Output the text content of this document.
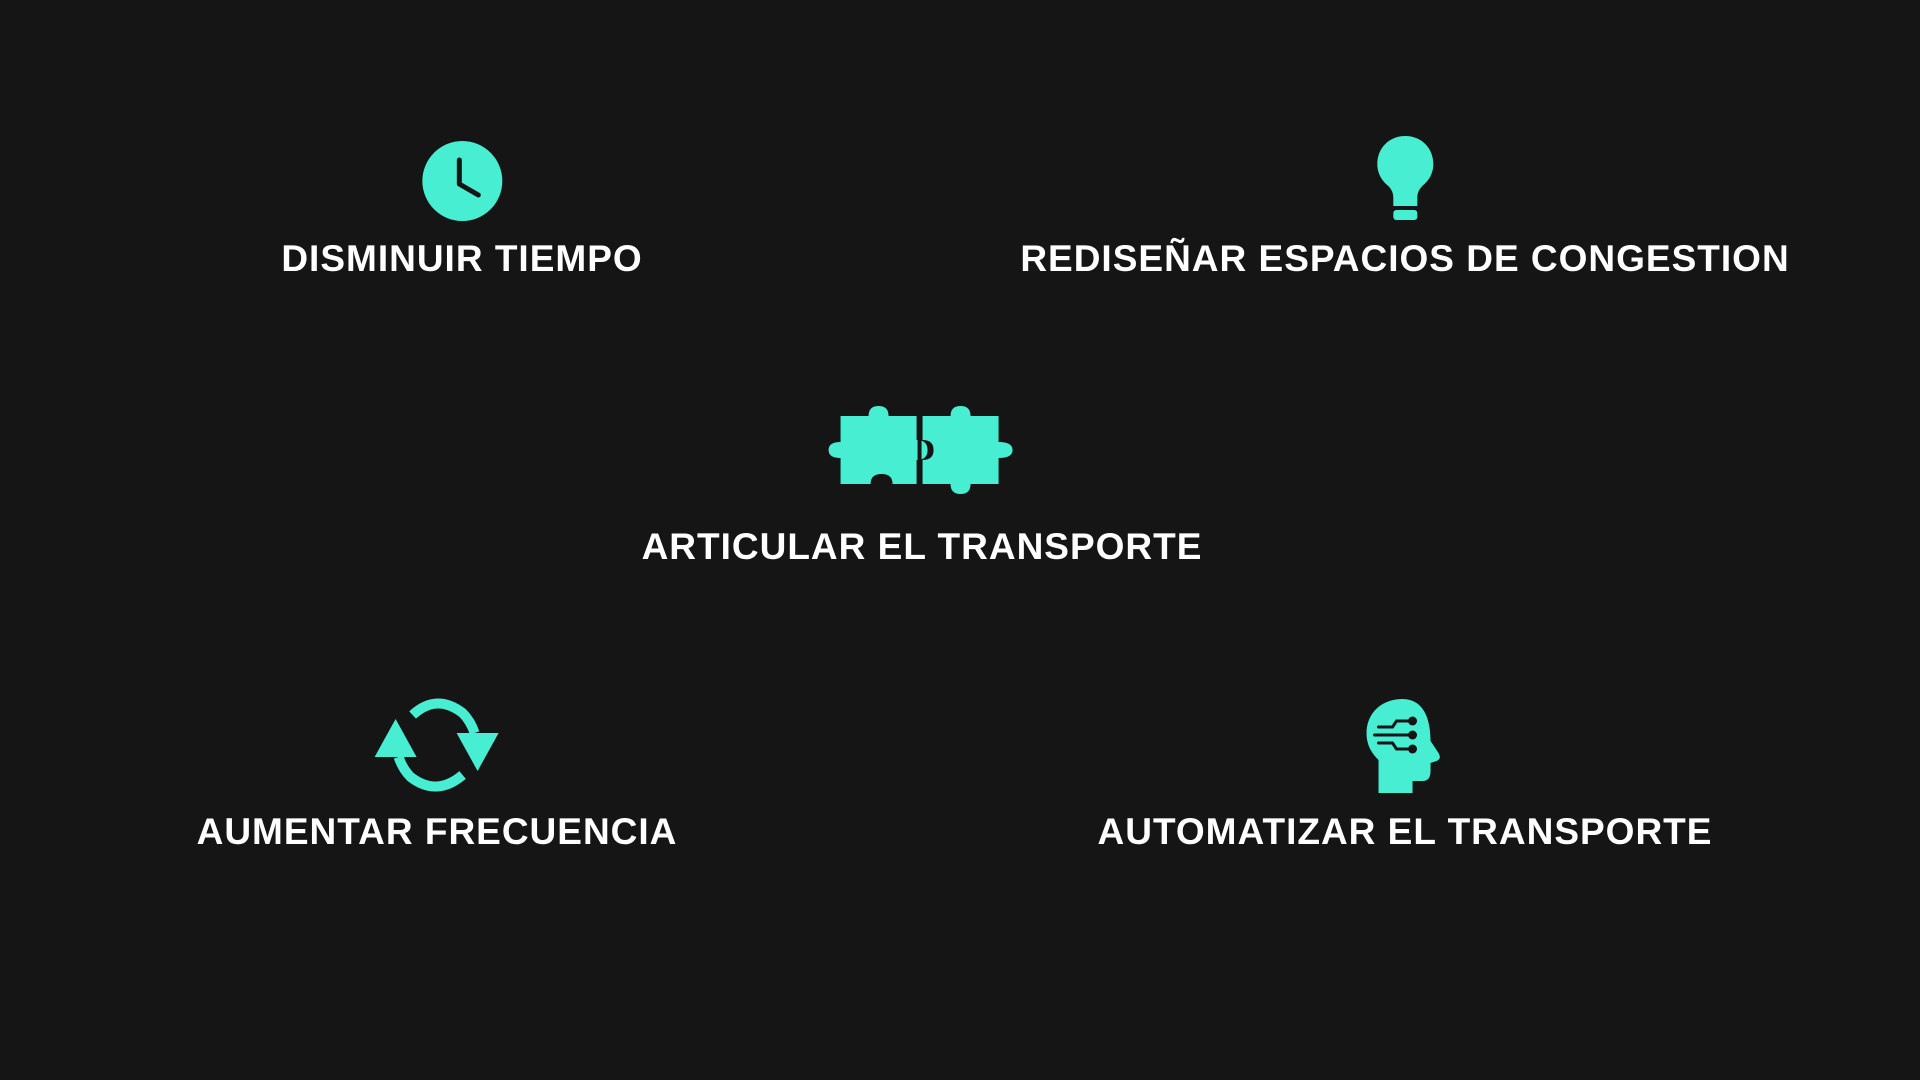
DISMINUIR TIEMPO	REDISEÑAR ESPACIOS DE CONGESTION
ARTICULAR EL TRANSPORTE
AUMENTAR FRECUENCIA	AUTOMATIZAR EL TRANSPORTE
